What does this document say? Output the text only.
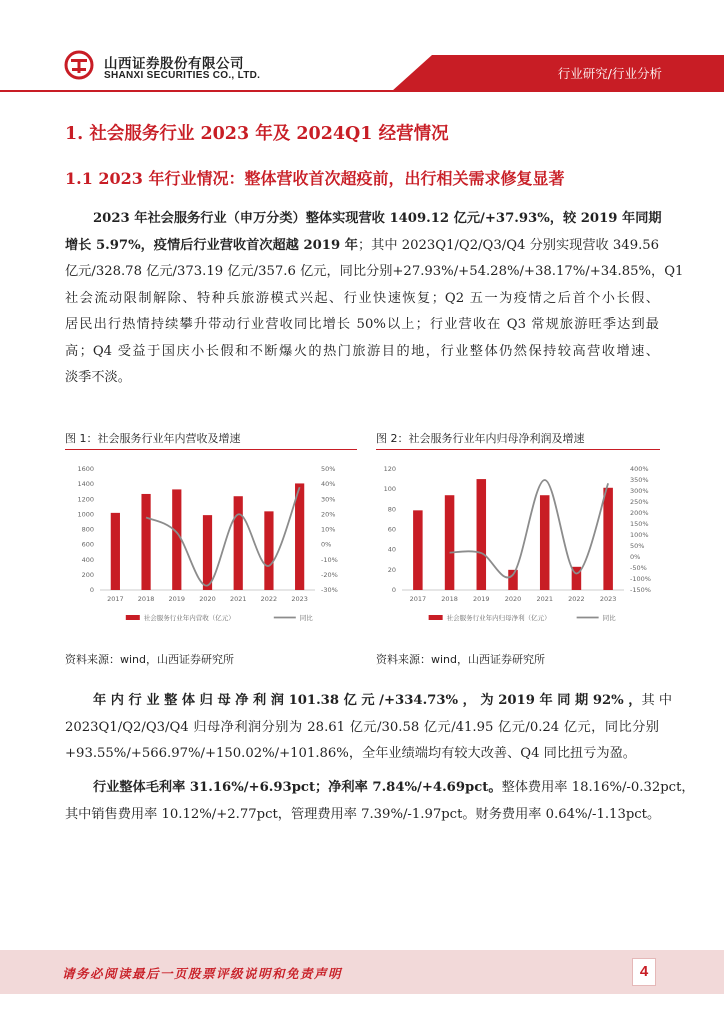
山西证券股份有限公司
SHANXI SECURITIES CO., LTD.	行业研究/行业分析
1. 社会服务行业 2023 年及 2024Q1 经营情况
1.1 2023 年行业情况：整体营收首次超疫前，出行相关需求修复显著
2023 年社会服务行业（申万分类）整体实现营收 1409.12 亿元/+37.93%，较 2019 年同期
增长 5.97%，疫情后行业营收首次超越 2019 年；其中 2023Q1/Q2/Q3/Q4 分别实现营收 349.56
亿元/328.78 亿元/373.19 亿元/357.6 亿元，同比分别+27.93%/+54.28%/+38.17%/+34.85%，Q1
社会流动限制解除、特种兵旅游模式兴起、行业快速恢复；Q2 五一为疫情之后首个小长假、
居民出行热情持续攀升带动行业营收同比增长 50%以上；行业营收在 Q3 常规旅游旺季达到最
高；Q4 受益于国庆小长假和不断爆火的热门旅游目的地，行业整体仍然保持较高营收增速、
淡季不淡。
图 1：社会服务行业年内营收及增速
1600
1400
1200
1000
800
600
400
200
0
50%
40%
30%
20%
10%
0%
-10%
-20%
-30%
2017 2018 2019 2020 2021 2022 2023
社会服务行业年内营收（亿元）	同比
资料来源：wind，山西证券研究所
图 2：社会服务行业年内归母净利润及增速
120
100
80
60
40
20
0
400%
350%
300%
250%
200%
150%
100%
50%
0%
-50%
-100%
-150%
2017 2018 2019 2020 2021 2022 2023
社会服务行业年内归母净利（亿元）	同比
资料来源：wind，山西证券研究所
年 内 行 业 整 体 归 母 净 利 润 101.38 亿 元 /+334.73% ， 为 2019 年 同 期 92% ，其 中
2023Q1/Q2/Q3/Q4 归母净利润分别为 28.61 亿元/30.58 亿元/41.95 亿元/0.24 亿元，同比分别
+93.55%/+566.97%/+150.02%/+101.86%，全年业绩端均有较大改善、Q4 同比扭亏为盈。
行业整体毛利率 31.16%/+6.93pct；净利率 7.84%/+4.69pct。整体费用率 18.16%/-0.32pct，
其中销售费用率 10.12%/+2.77pct，管理费用率 7.39%/-1.97pct。财务费用率 0.64%/-1.13pct。
请务必阅读最后一页股票评级说明和免责声明	4
